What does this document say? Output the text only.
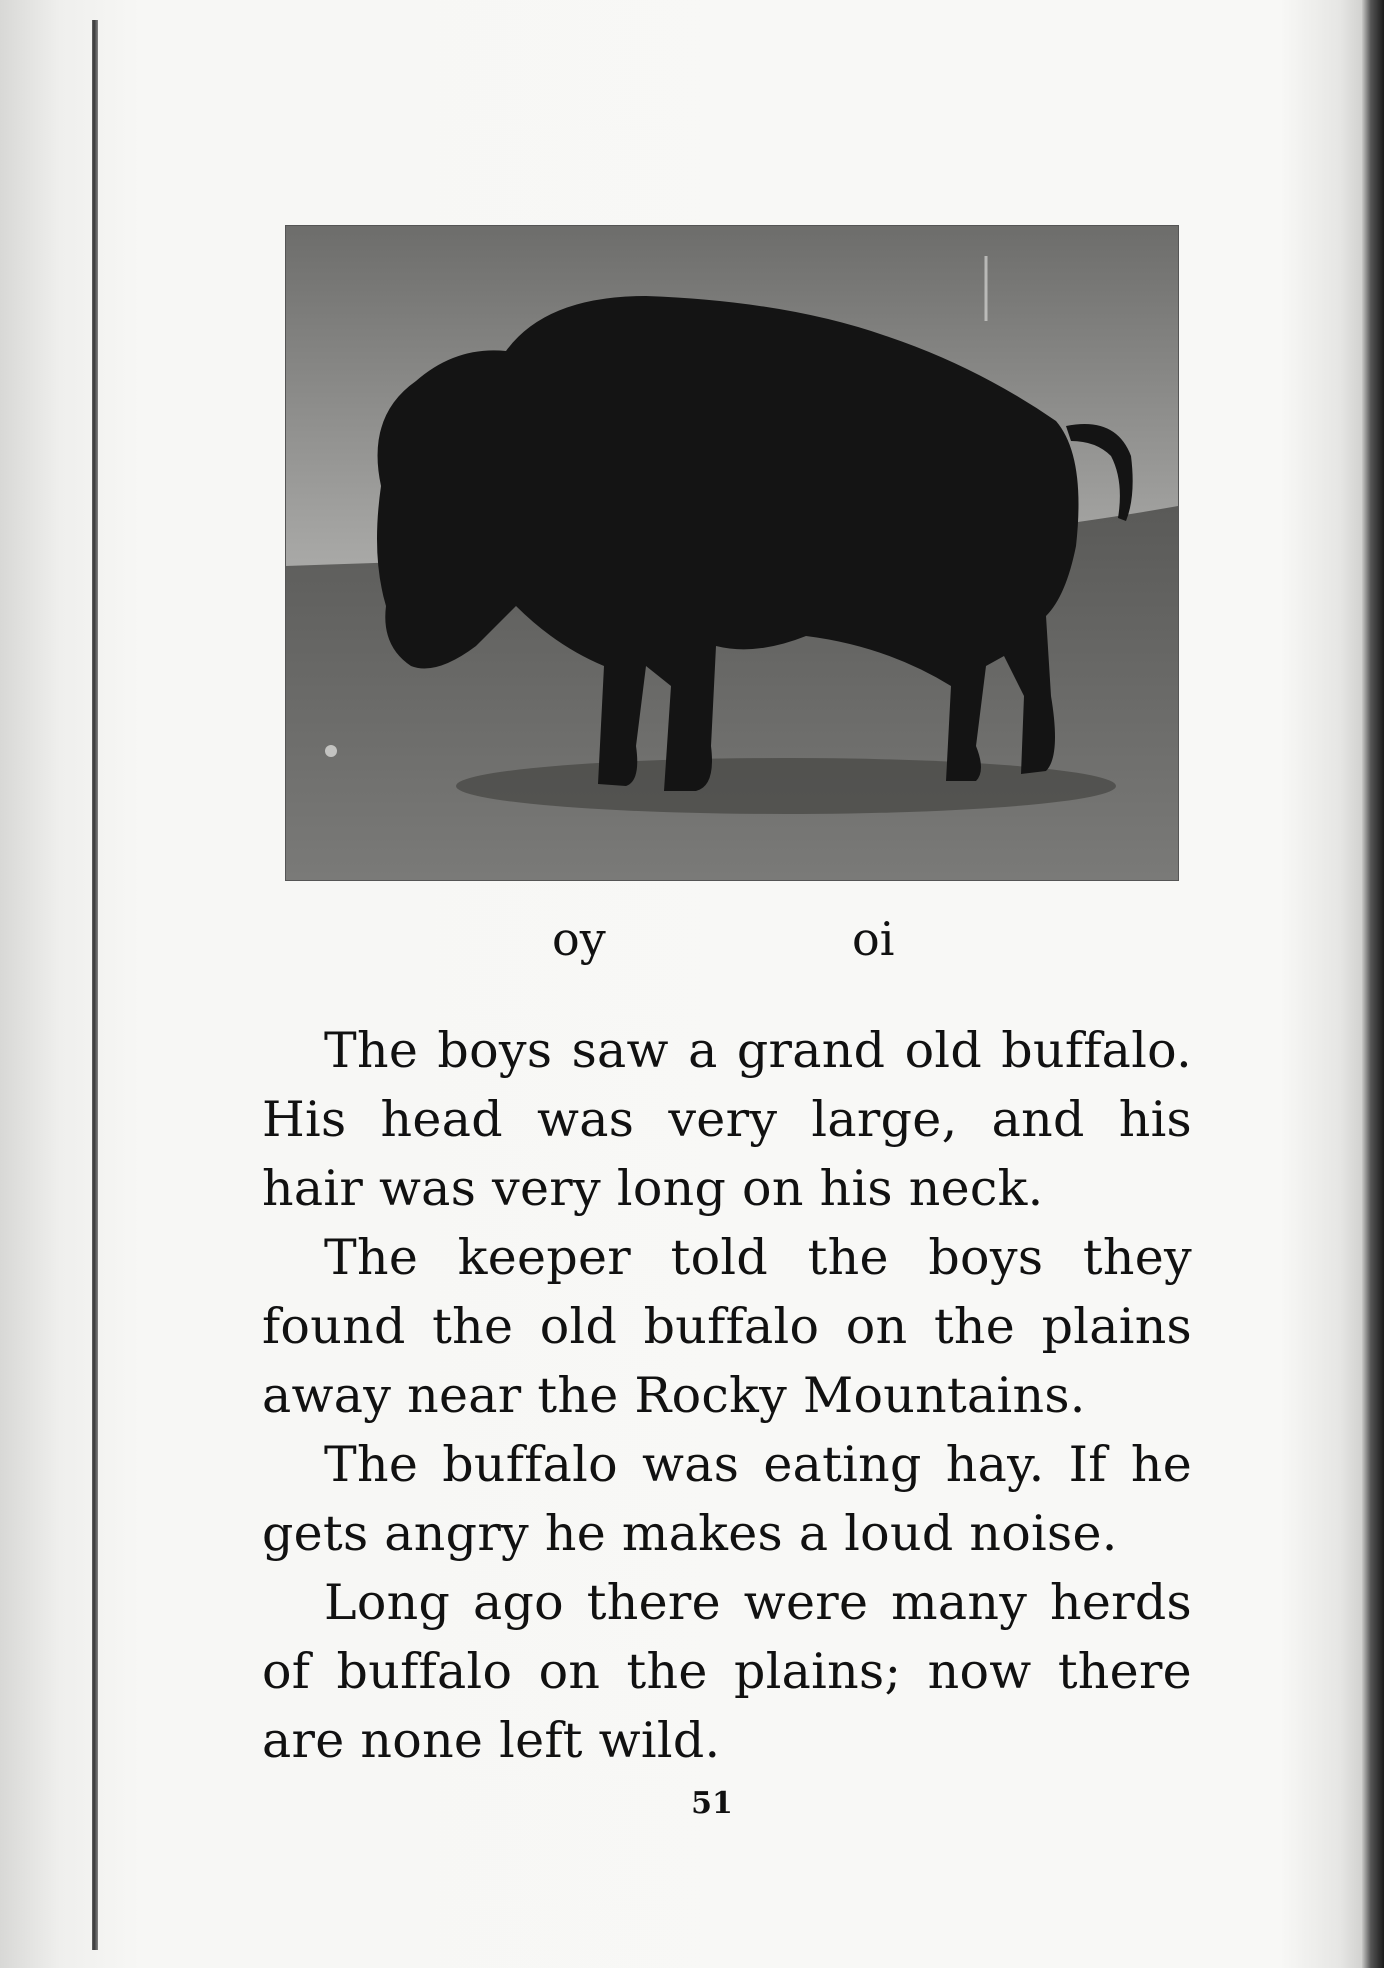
oy	oi

The boys saw a grand old buffalo. His head was very large, and his hair was very long on his neck.

The keeper told the boys they found the old buffalo on the plains away near the Rocky Mountains.

The buffalo was eating hay. If he gets angry he makes a loud noise.

Long ago there were many herds of buffalo on the plains; now there are none left wild.

51
